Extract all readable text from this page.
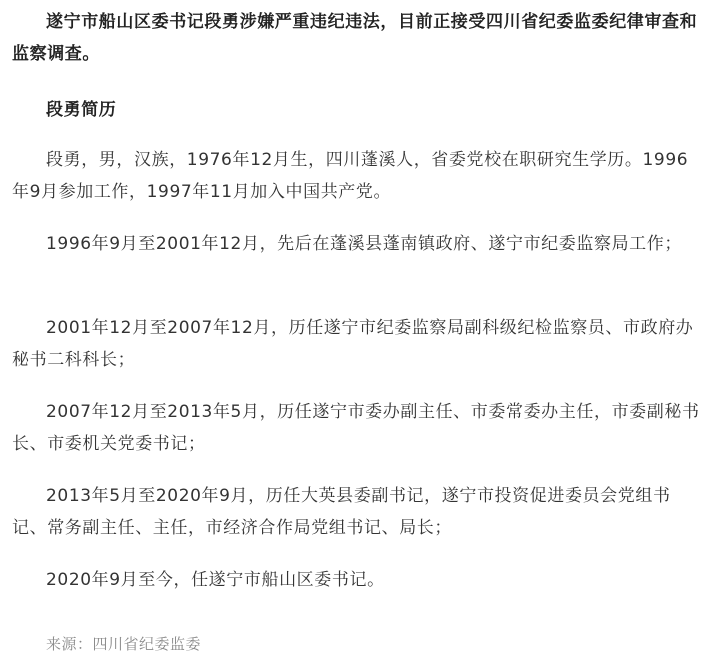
遂宁市船山区委书记段勇涉嫌严重违纪违法，目前正接受四川省纪委监委纪律审查和监察调查。

段勇简历

段勇，男，汉族，1976年12月生，四川蓬溪人，省委党校在职研究生学历。1996年9月参加工作，1997年11月加入中国共产党。

1996年9月至2001年12月，先后在蓬溪县蓬南镇政府、遂宁市纪委监察局工作；

2001年12月至2007年12月，历任遂宁市纪委监察局副科级纪检监察员、市政府办秘书二科科长；

2007年12月至2013年5月，历任遂宁市委办副主任、市委常委办主任，市委副秘书长、市委机关党委书记；

2013年5月至2020年9月，历任大英县委副书记，遂宁市投资促进委员会党组书记、常务副主任、主任，市经济合作局党组书记、局长；

2020年9月至今，任遂宁市船山区委书记。

来源：四川省纪委监委
